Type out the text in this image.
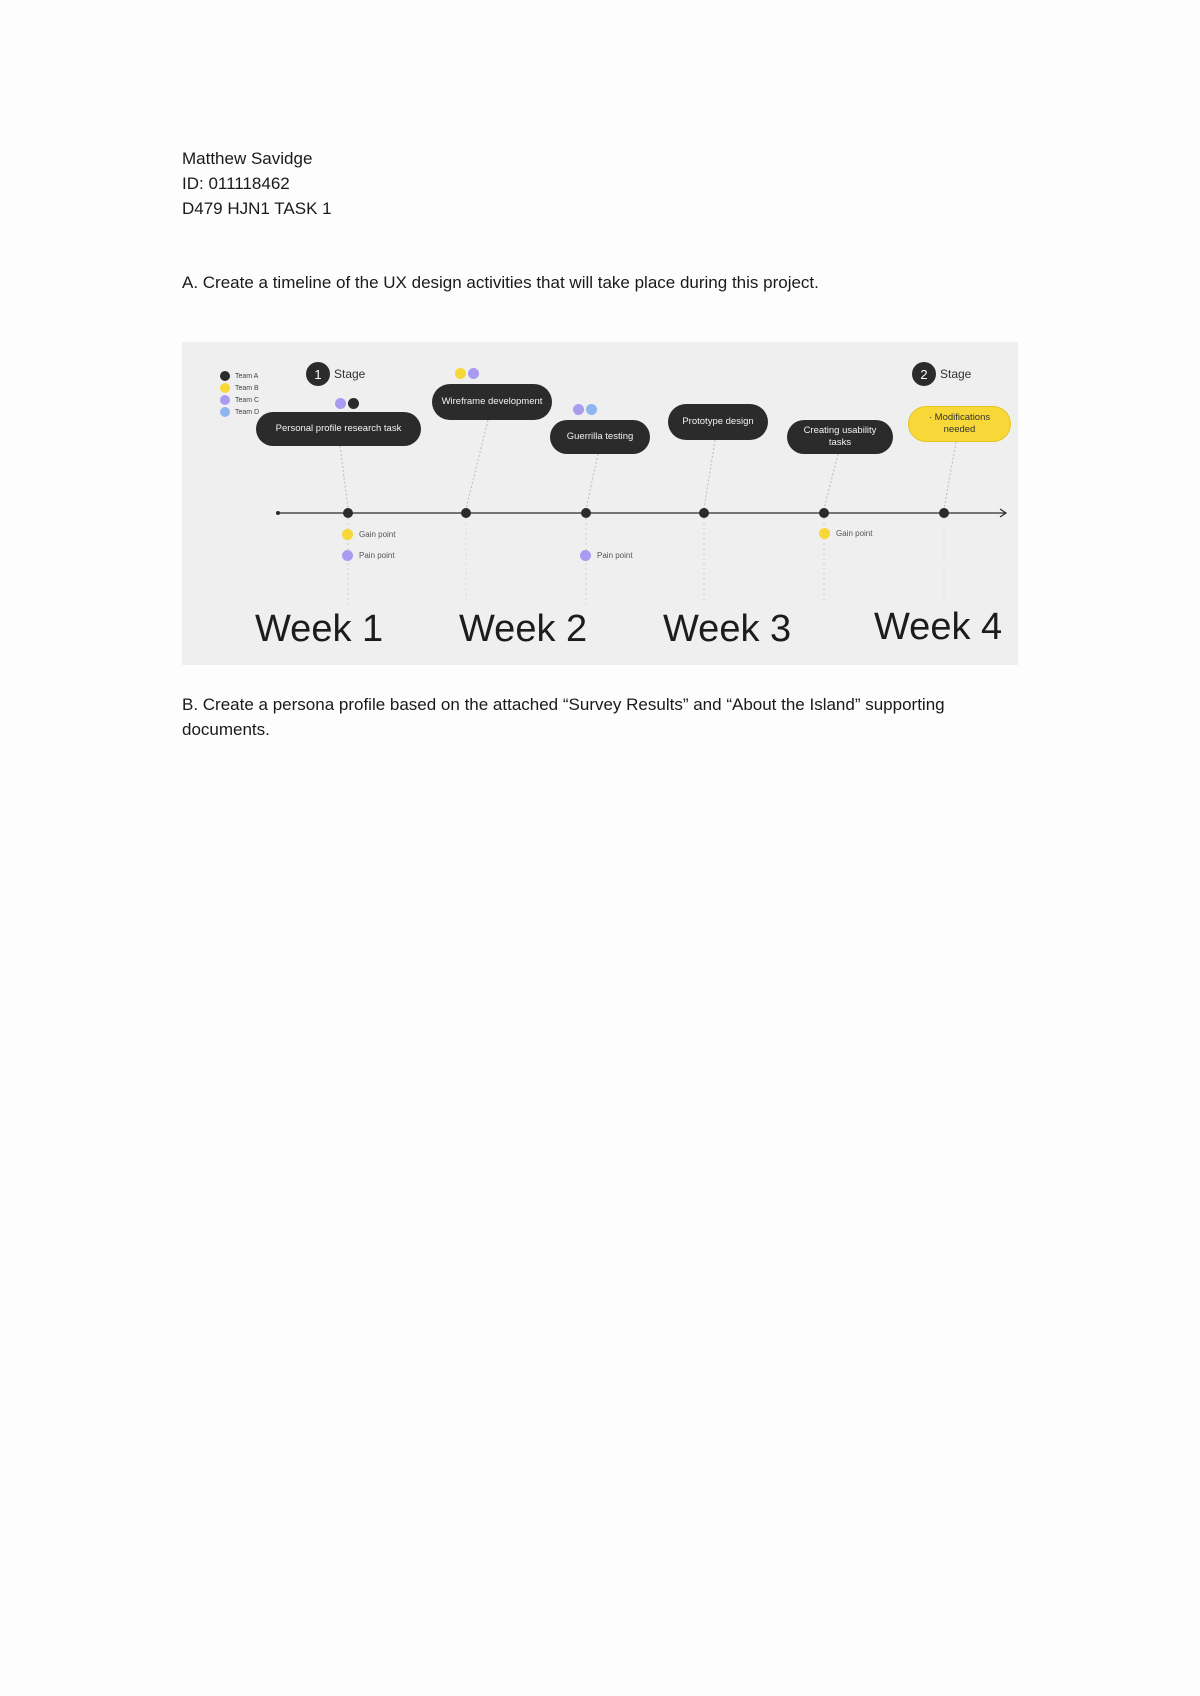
Matthew Savidge
ID: 011118462
D479 HJN1 TASK 1
A. Create a timeline of the UX design activities that will take place during this project.
Team A
Team B
Team C
Team D
1	Stage	2	Stage
Personal profile research task
Wireframe development
Guerrilla testing
Prototype design
Creating usability tasks
· Modifications needed
Gain point
Pain point	Pain point
Gain point
Week 1 Week 2 Week 3 Week 4
B. Create a persona profile based on the attached “Survey Results” and “About the Island” supporting documents.
